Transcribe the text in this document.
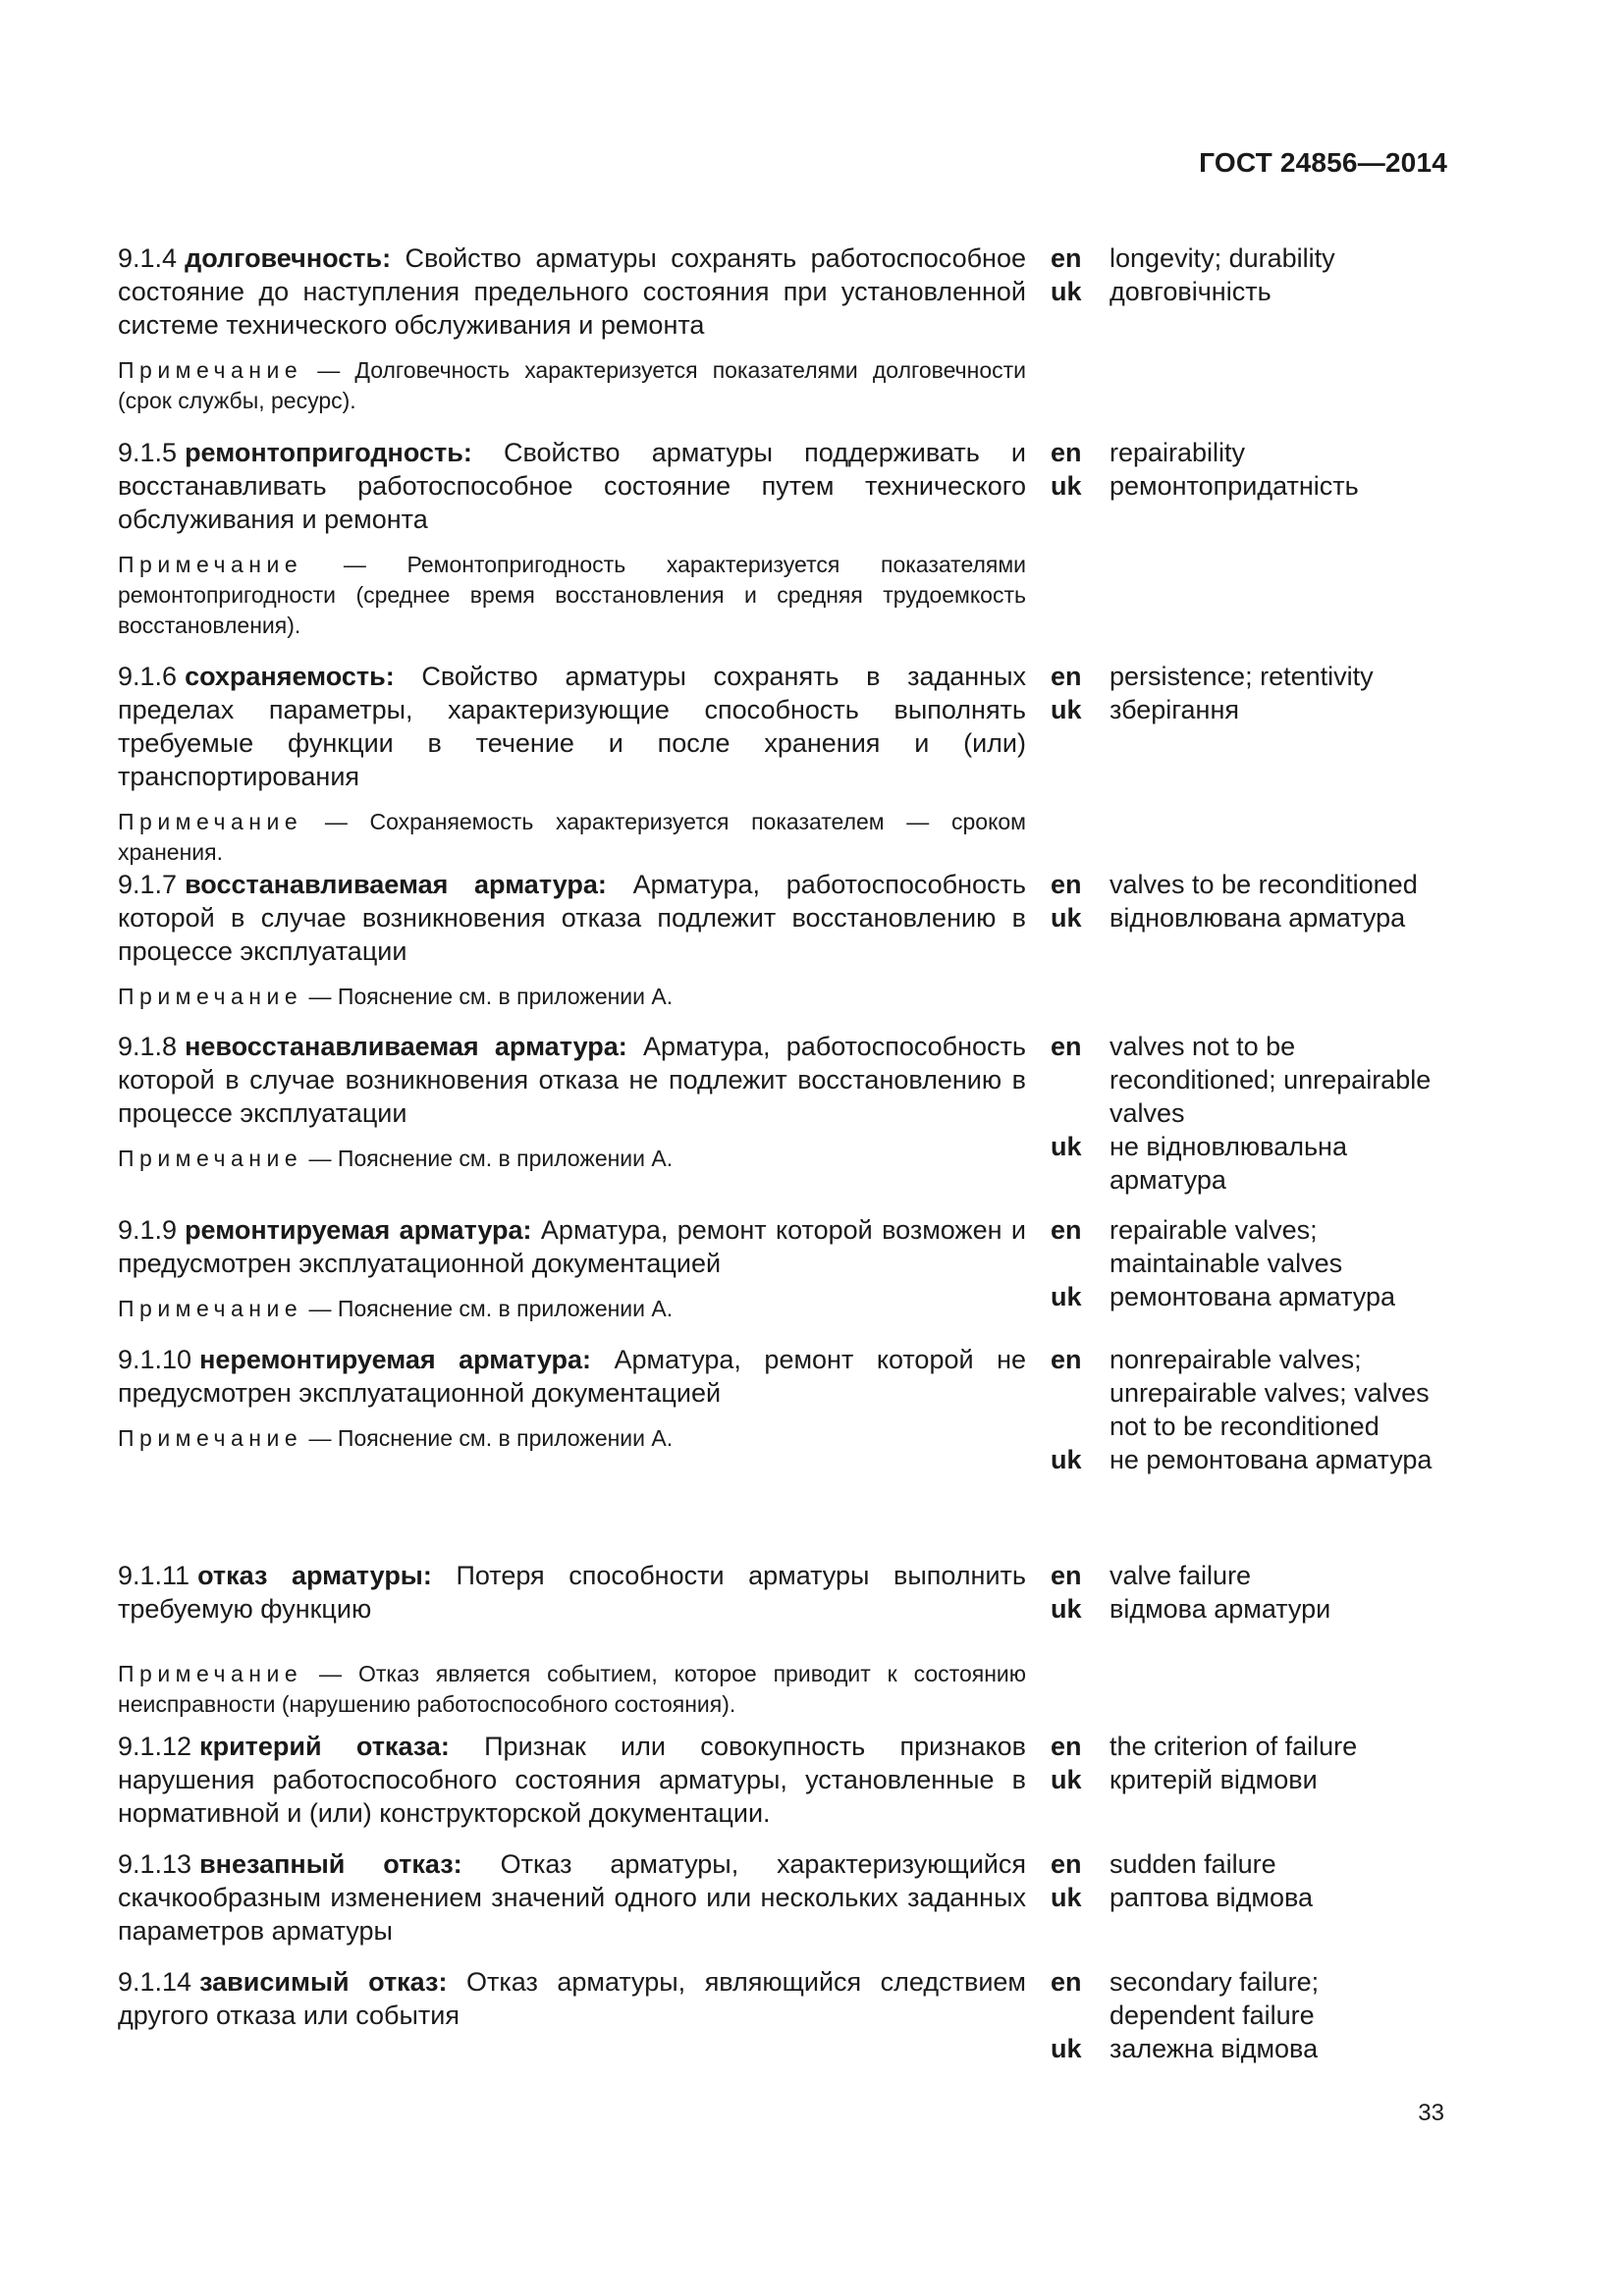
ГОСТ 24856—2014

9.1.4 долговечность: Свойство арматуры сохранять работоспособное состояние до наступления предельного состояния при установленной системе технического обслуживания и ремонта

Примечание — Долговечность характеризуется показателями долговечности (срок службы, ресурс).

en	longevity; durability
uk	довговічність

9.1.5 ремонтопригодность: Свойство арматуры поддерживать и восстанавливать работоспособное состояние путем технического обслуживания и ремонта

Примечание — Ремонтопригодность характеризуется показателями ремонтопригодности (среднее время восстановления и средняя трудоемкость восстановления).

en	repairability
uk	ремонтопридатність

9.1.6 сохраняемость: Свойство арматуры сохранять в заданных пределах параметры, характеризующие способность выполнять требуемые функции в течение и после хранения и (или) транспортирования

Примечание — Сохраняемость характеризуется показателем — сроком хранения.

en	persistence; retentivity
uk	зберігання

9.1.7 восстанавливаемая арматура: Арматура, работоспособность которой в случае возникновения отказа подлежит восстановлению в процессе эксплуатации

Примечание — Пояснение см. в приложении А.

en	valves to be reconditioned
uk	відновлювана арматура

9.1.8 невосстанавливаемая арматура: Арматура, работоспособность которой в случае возникновения отказа не подлежит восстановлению в процессе эксплуатации

Примечание — Пояснение см. в приложении А.

en	valves not to be reconditioned; unrepairable valves
uk	не відновлювальна арматура

9.1.9 ремонтируемая арматура: Арматура, ремонт которой возможен и предусмотрен эксплуатационной документацией

Примечание — Пояснение см. в приложении А.

en	repairable valves; maintainable valves
uk	ремонтована арматура

9.1.10 неремонтируемая арматура: Арматура, ремонт которой не предусмотрен эксплуатационной документацией

Примечание — Пояснение см. в приложении А.

en	nonrepairable valves; unrepairable valves; valves not to be reconditioned
uk	не ремонтована арматура

9.1.11 отказ арматуры: Потеря способности арматуры выполнить требуемую функцию

Примечание — Отказ является событием, которое приводит к состоянию неисправности (нарушению работоспособного состояния).

en	valve failure
uk	відмова арматури

9.1.12 критерий отказа: Признак или совокупность признаков нарушения работоспособного состояния арматуры, установленные в нормативной и (или) конструкторской документации.

en	the criterion of failure
uk	критерій відмови

9.1.13 внезапный отказ: Отказ арматуры, характеризующийся скачкообразным изменением значений одного или нескольких заданных параметров арматуры

en	sudden failure
uk	раптова відмова

9.1.14 зависимый отказ: Отказ арматуры, являющийся следствием другого отказа или события

en	secondary failure; dependent failure
uk	залежна відмова
33
